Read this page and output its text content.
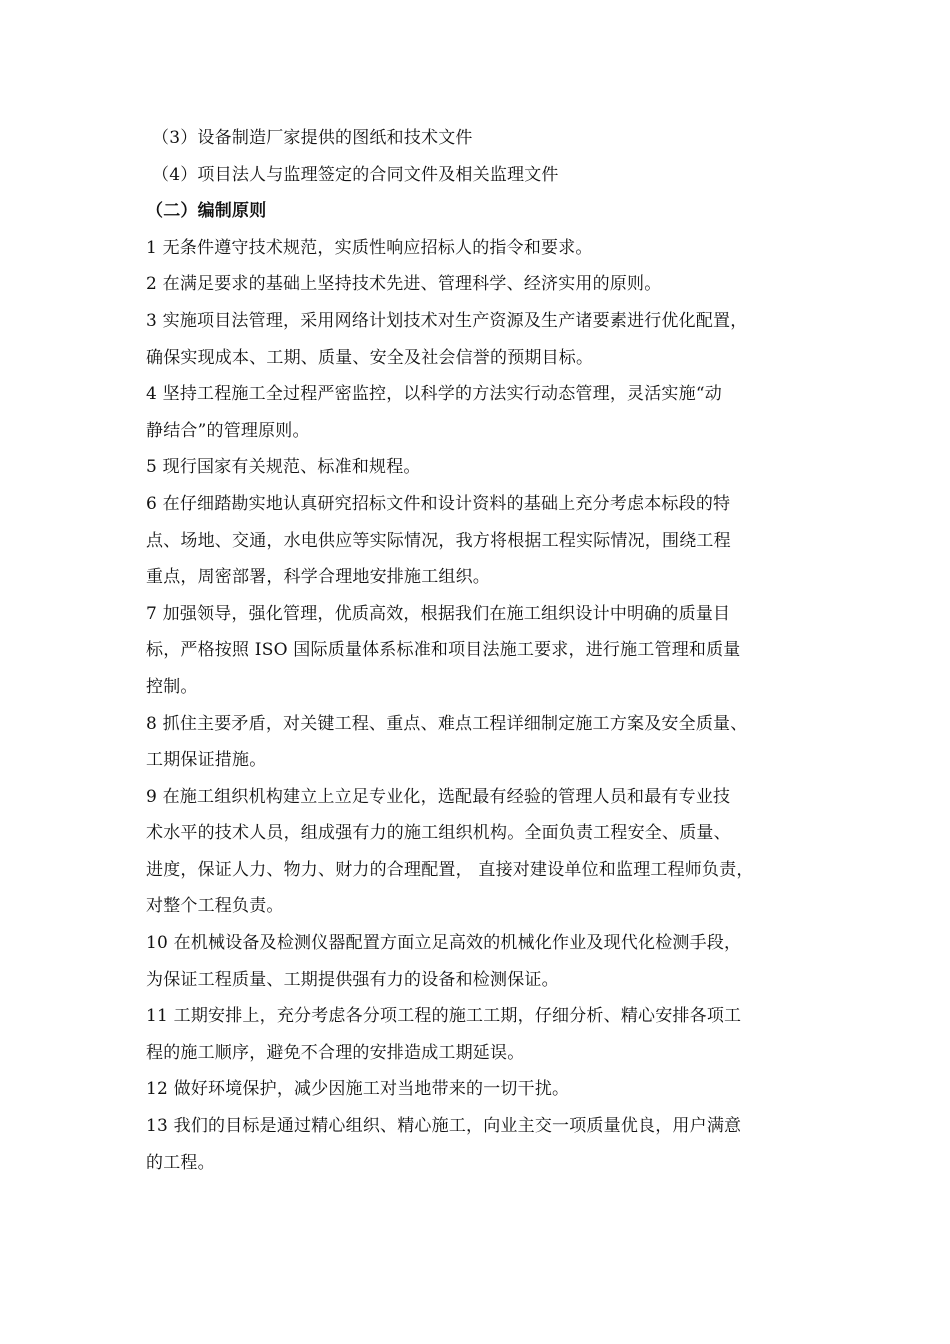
（3）设备制造厂家提供的图纸和技术文件
（4）项目法人与监理签定的合同文件及相关监理文件
（二）编制原则
1 无条件遵守技术规范，实质性响应招标人的指令和要求。
2 在满足要求的基础上坚持技术先进、管理科学、经济实用的原则。
3 实施项目法管理，采用网络计划技术对生产资源及生产诸要素进行优化配置，
确保实现成本、工期、质量、安全及社会信誉的预期目标。
4 坚持工程施工全过程严密监控，以科学的方法实行动态管理，灵活实施“动
静结合”的管理原则。
5 现行国家有关规范、标准和规程。
6 在仔细踏勘实地认真研究招标文件和设计资料的基础上充分考虑本标段的特
点、场地、交通，水电供应等实际情况，我方将根据工程实际情况，围绕工程
重点，周密部署，科学合理地安排施工组织。
7 加强领导，强化管理，优质高效，根据我们在施工组织设计中明确的质量目
标，严格按照 ISO 国际质量体系标准和项目法施工要求，进行施工管理和质量
控制。
8 抓住主要矛盾，对关键工程、重点、难点工程详细制定施工方案及安全质量、
工期保证措施。
9 在施工组织机构建立上立足专业化，选配最有经验的管理人员和最有专业技
术水平的技术人员，组成强有力的施工组织机构。全面负责工程安全、质量、
进度，保证人力、物力、财力的合理配置， 直接对建设单位和监理工程师负责，
对整个工程负责。
10 在机械设备及检测仪器配置方面立足高效的机械化作业及现代化检测手段，
为保证工程质量、工期提供强有力的设备和检测保证。
11 工期安排上，充分考虑各分项工程的施工工期，仔细分析、精心安排各项工
程的施工顺序，避免不合理的安排造成工期延误。
12 做好环境保护，减少因施工对当地带来的一切干扰。
13 我们的目标是通过精心组织、精心施工，向业主交一项质量优良，用户满意
的工程。
